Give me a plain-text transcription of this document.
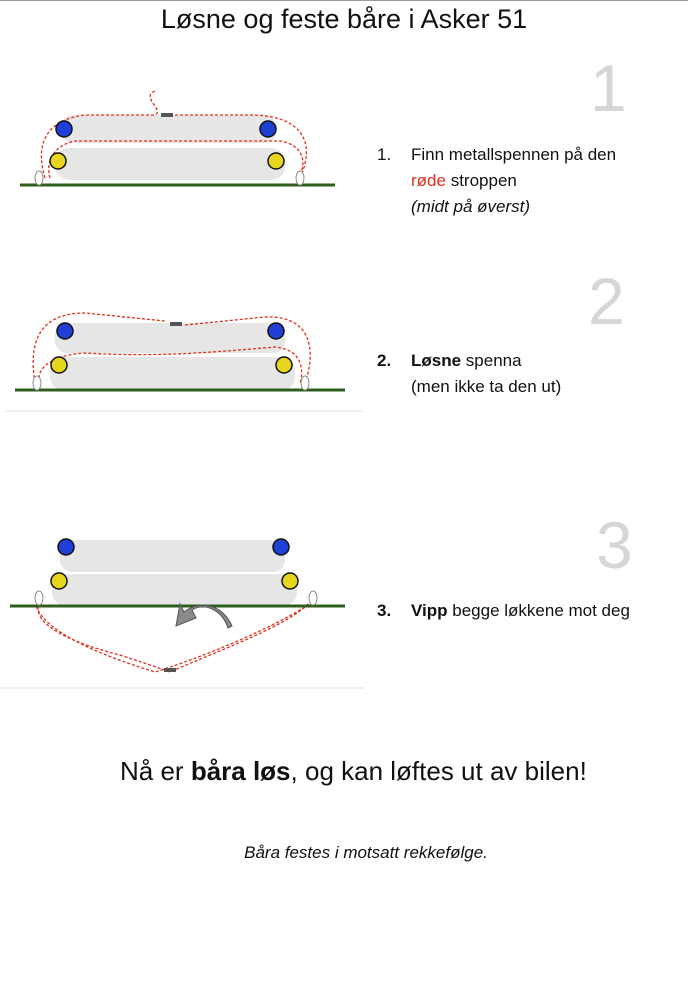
Løsne og feste båre i Asker 51
1
1. Finn metallspennen på den
røde stroppen
(midt på øverst)
2
2. Løsne spenna
(men ikke ta den ut)
3
3. Vipp begge løkkene mot deg
Nå er båra løs, og kan løftes ut av bilen!
Båra festes i motsatt rekkefølge.
